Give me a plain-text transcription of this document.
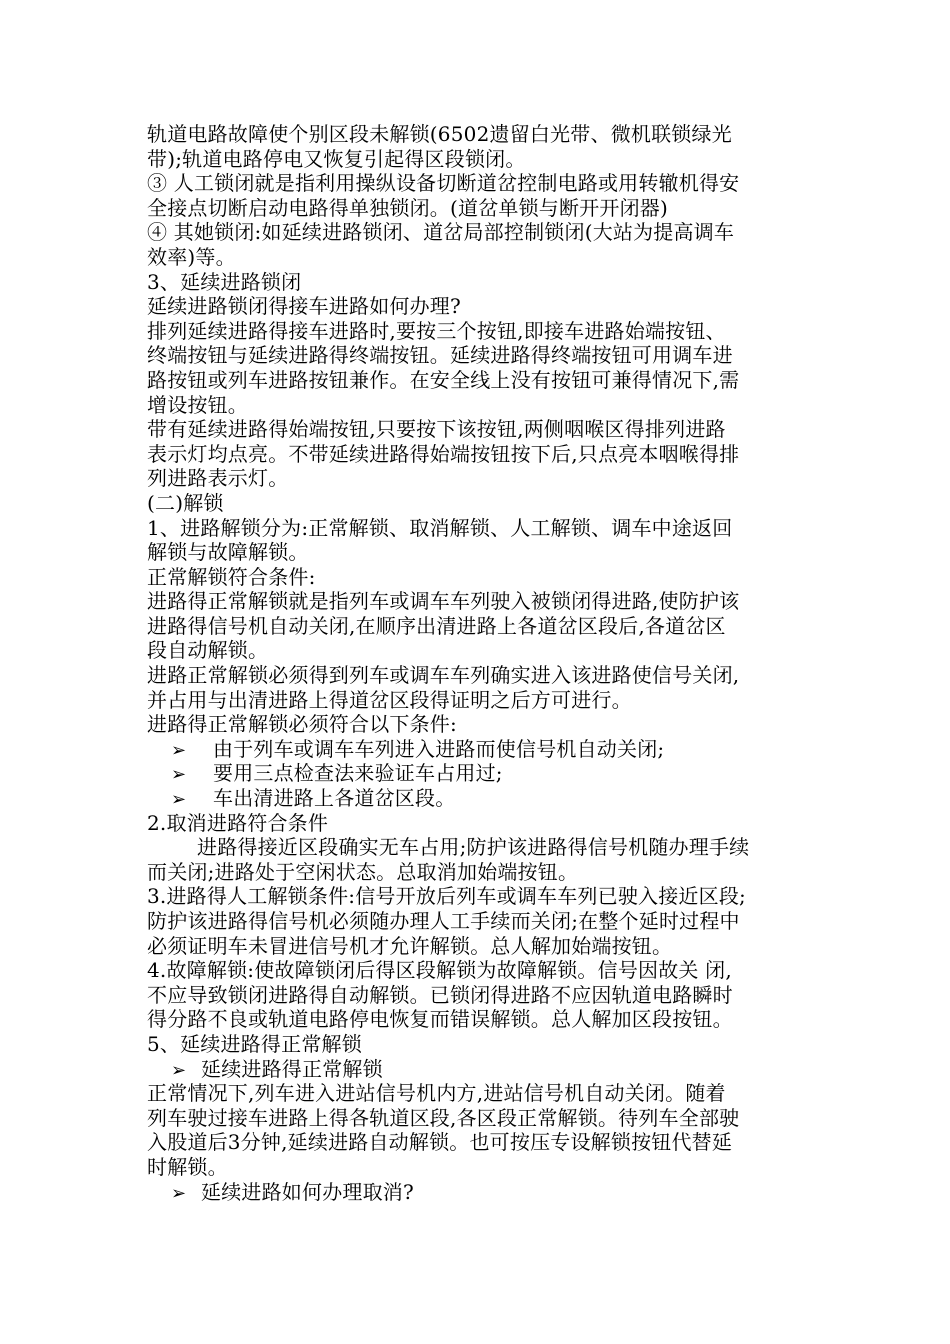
轨道电路故障使个别区段未解锁(6502遗留白光带、微机联锁绿光
带);轨道电路停电又恢复引起得区段锁闭。
③ 人工锁闭就是指利用操纵设备切断道岔控制电路或用转辙机得安
全接点切断启动电路得单独锁闭。(道岔单锁与断开开闭器)
④ 其她锁闭:如延续进路锁闭、道岔局部控制锁闭(大站为提高调车
效率)等。
3、延续进路锁闭
延续进路锁闭得接车进路如何办理?
排列延续进路得接车进路时,要按三个按钮,即接车进路始端按钮、
终端按钮与延续进路得终端按钮。延续进路得终端按钮可用调车进
路按钮或列车进路按钮兼作。在安全线上没有按钮可兼得情况下,需
增设按钮。
带有延续进路得始端按钮,只要按下该按钮,两侧咽喉区得排列进路
表示灯均点亮。不带延续进路得始端按钮按下后,只点亮本咽喉得排
列进路表示灯。
(二)解锁
1、进路解锁分为:正常解锁、取消解锁、人工解锁、调车中途返回
解锁与故障解锁。
正常解锁符合条件:
进路得正常解锁就是指列车或调车车列驶入被锁闭得进路,使防护该
进路得信号机自动关闭,在顺序出清进路上各道岔区段后,各道岔区
段自动解锁。
进路正常解锁必须得到列车或调车车列确实进入该进路使信号关闭,
并占用与出清进路上得道岔区段得证明之后方可进行。
进路得正常解锁必须符合以下条件:
➢ 由于列车或调车车列进入进路而使信号机自动关闭;
➢ 要用三点检查法来验证车占用过;
➢ 车出清进路上各道岔区段。
2.取消进路符合条件
进路得接近区段确实无车占用;防护该进路得信号机随办理手续
而关闭;进路处于空闲状态。总取消加始端按钮。
3.进路得人工解锁条件:信号开放后列车或调车车列已驶入接近区段;
防护该进路得信号机必须随办理人工手续而关闭;在整个延时过程中
必须证明车未冒进信号机才允许解锁。总人解加始端按钮。
4.故障解锁:使故障锁闭后得区段解锁为故障解锁。信号因故关 闭,
不应导致锁闭进路得自动解锁。已锁闭得进路不应因轨道电路瞬时
得分路不良或轨道电路停电恢复而错误解锁。总人解加区段按钮。
5、延续进路得正常解锁
➢ 延续进路得正常解锁
正常情况下,列车进入进站信号机内方,进站信号机自动关闭。随着
列车驶过接车进路上得各轨道区段,各区段正常解锁。待列车全部驶
入股道后3分钟,延续进路自动解锁。也可按压专设解锁按钮代替延
时解锁。
➢ 延续进路如何办理取消?
